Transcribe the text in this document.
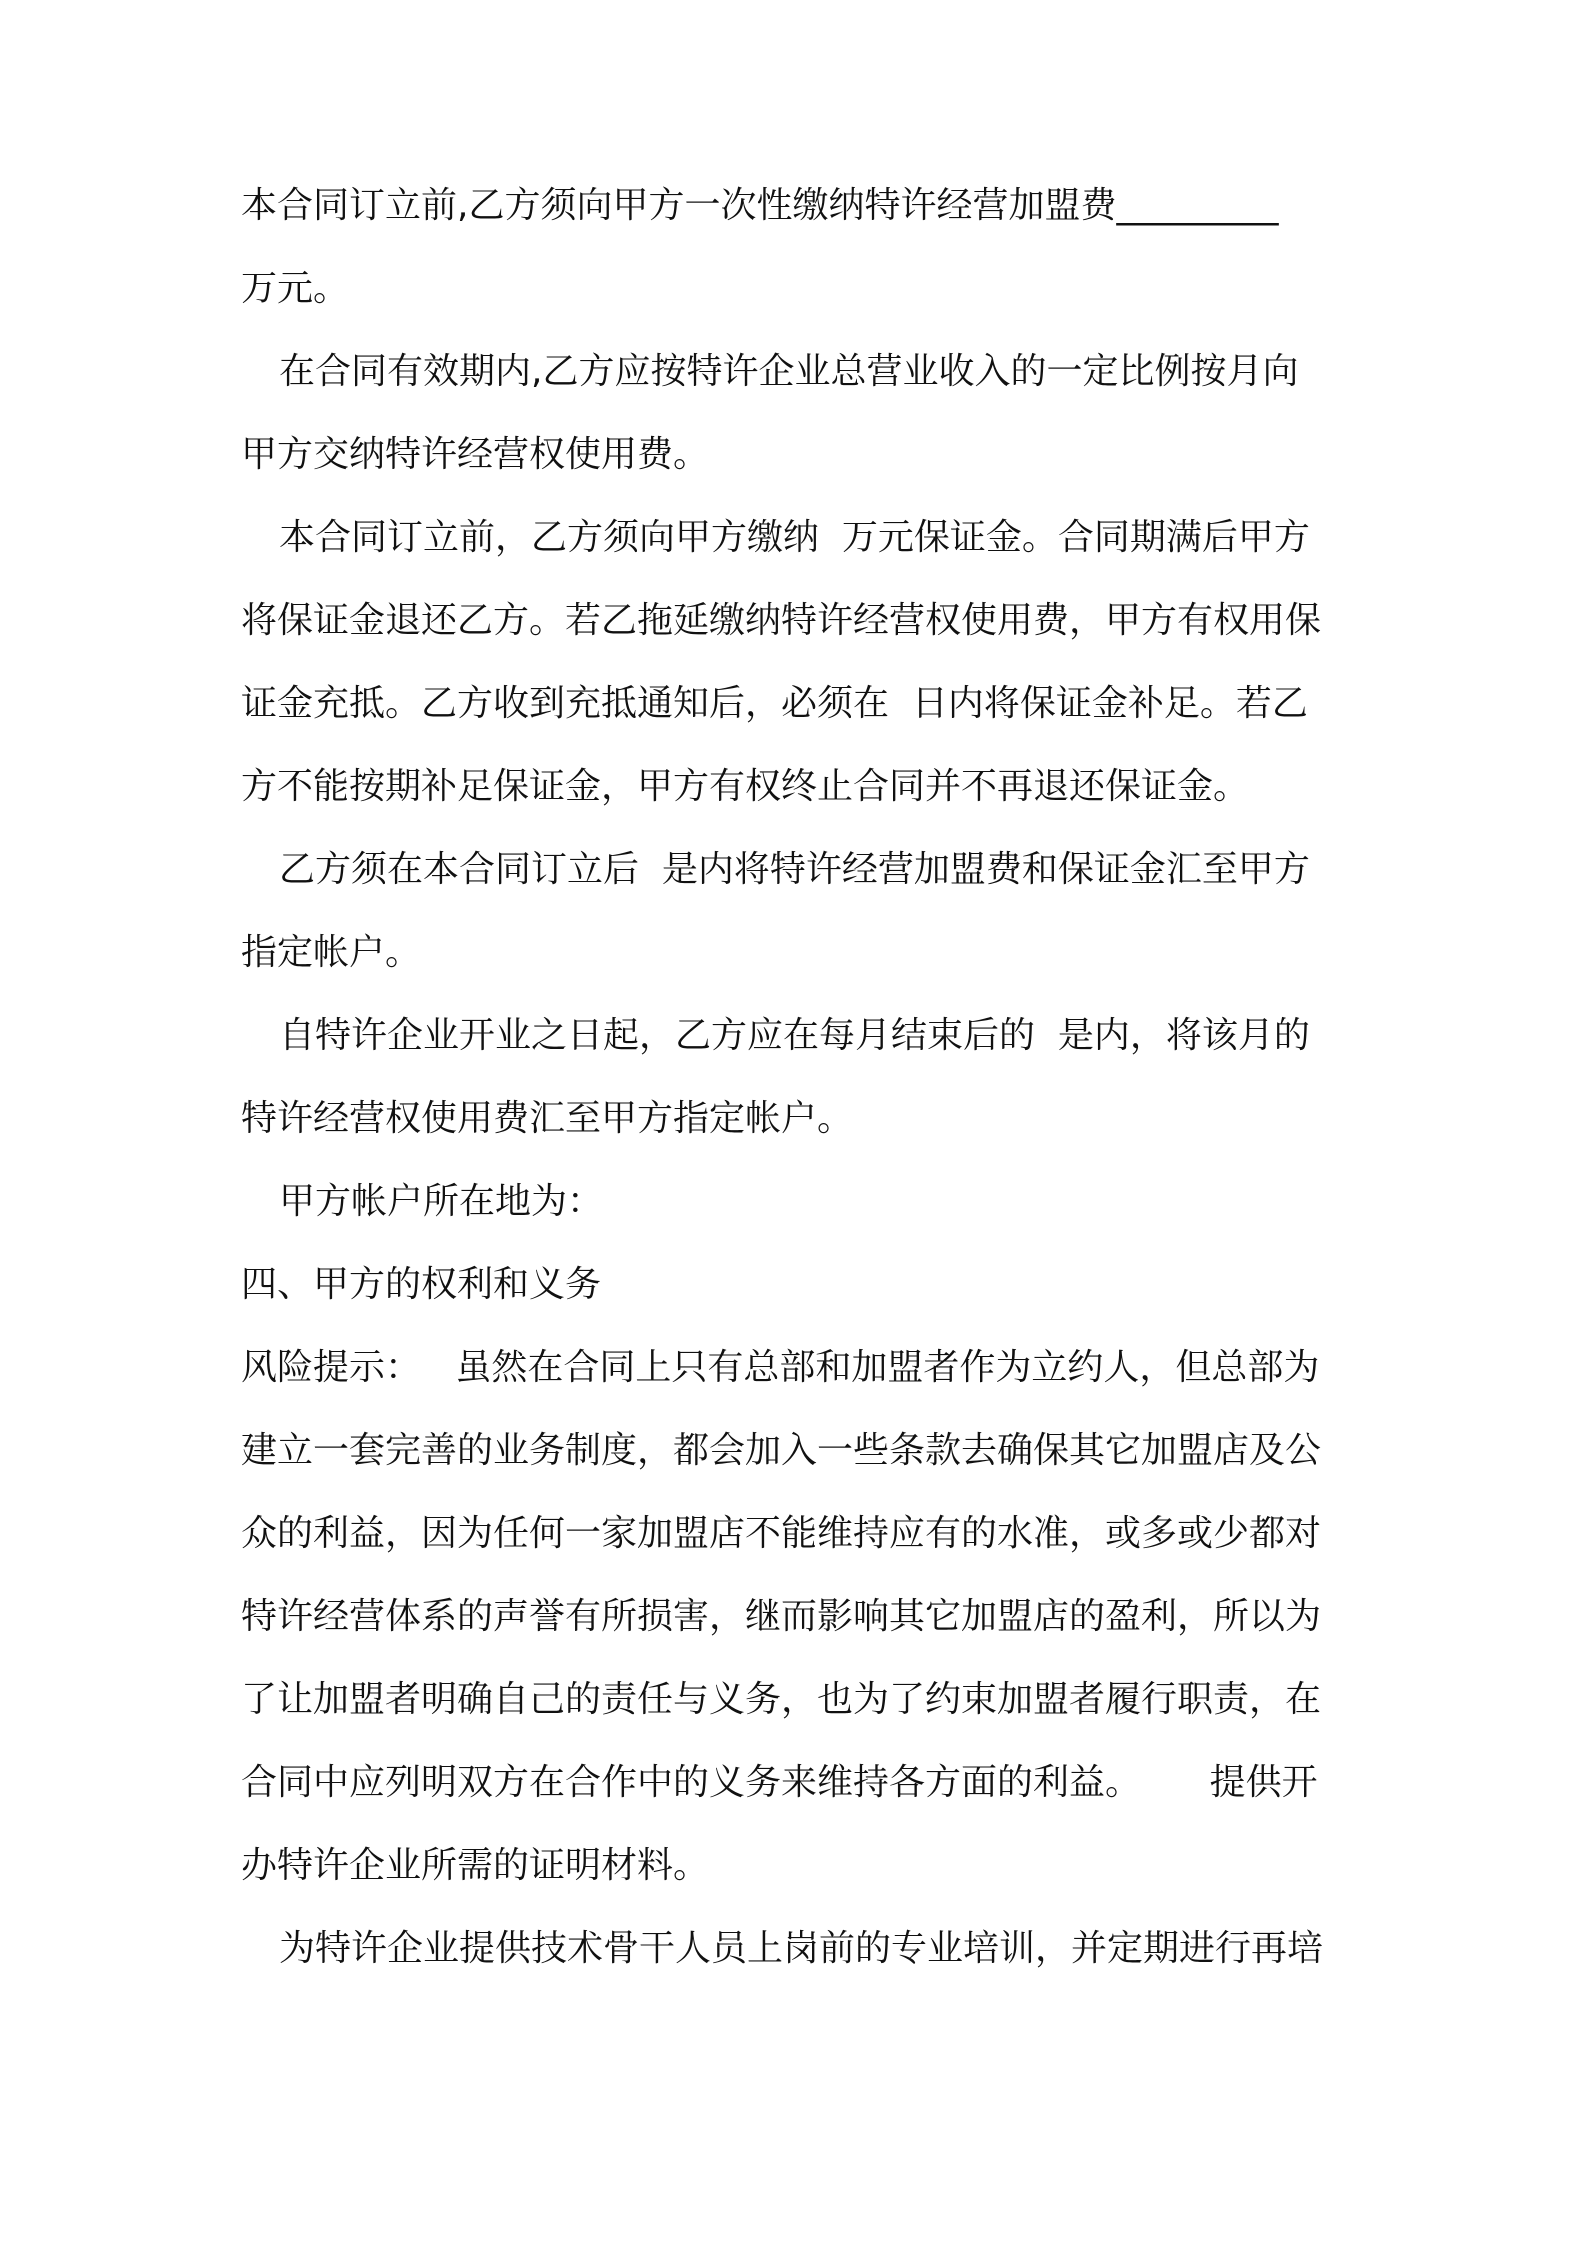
本合同订立前,乙方须向甲方一次性缴纳特许经营加盟费_________
万元。
在合同有效期内,乙方应按特许企业总营业收入的一定比例按月向
甲方交纳特许经营权使用费。
本合同订立前，乙方须向甲方缴纳  万元保证金。合同期满后甲方
将保证金退还乙方。若乙拖延缴纳特许经营权使用费，甲方有权用保
证金充抵。乙方收到充抵通知后，必须在  日内将保证金补足。若乙
方不能按期补足保证金，甲方有权终止合同并不再退还保证金。
乙方须在本合同订立后  是内将特许经营加盟费和保证金汇至甲方
指定帐户。
自特许企业开业之日起，乙方应在每月结束后的  是内，将该月的
特许经营权使用费汇至甲方指定帐户。
甲方帐户所在地为：
四、甲方的权利和义务
风险提示：   虽然在合同上只有总部和加盟者作为立约人，但总部为
建立一套完善的业务制度，都会加入一些条款去确保其它加盟店及公
众的利益，因为任何一家加盟店不能维持应有的水准，或多或少都对
特许经营体系的声誉有所损害，继而影响其它加盟店的盈利，所以为
了让加盟者明确自己的责任与义务，也为了约束加盟者履行职责，在
合同中应列明双方在合作中的义务来维持各方面的利益。      提供开
办特许企业所需的证明材料。
为特许企业提供技术骨干人员上岗前的专业培训，并定期进行再培
